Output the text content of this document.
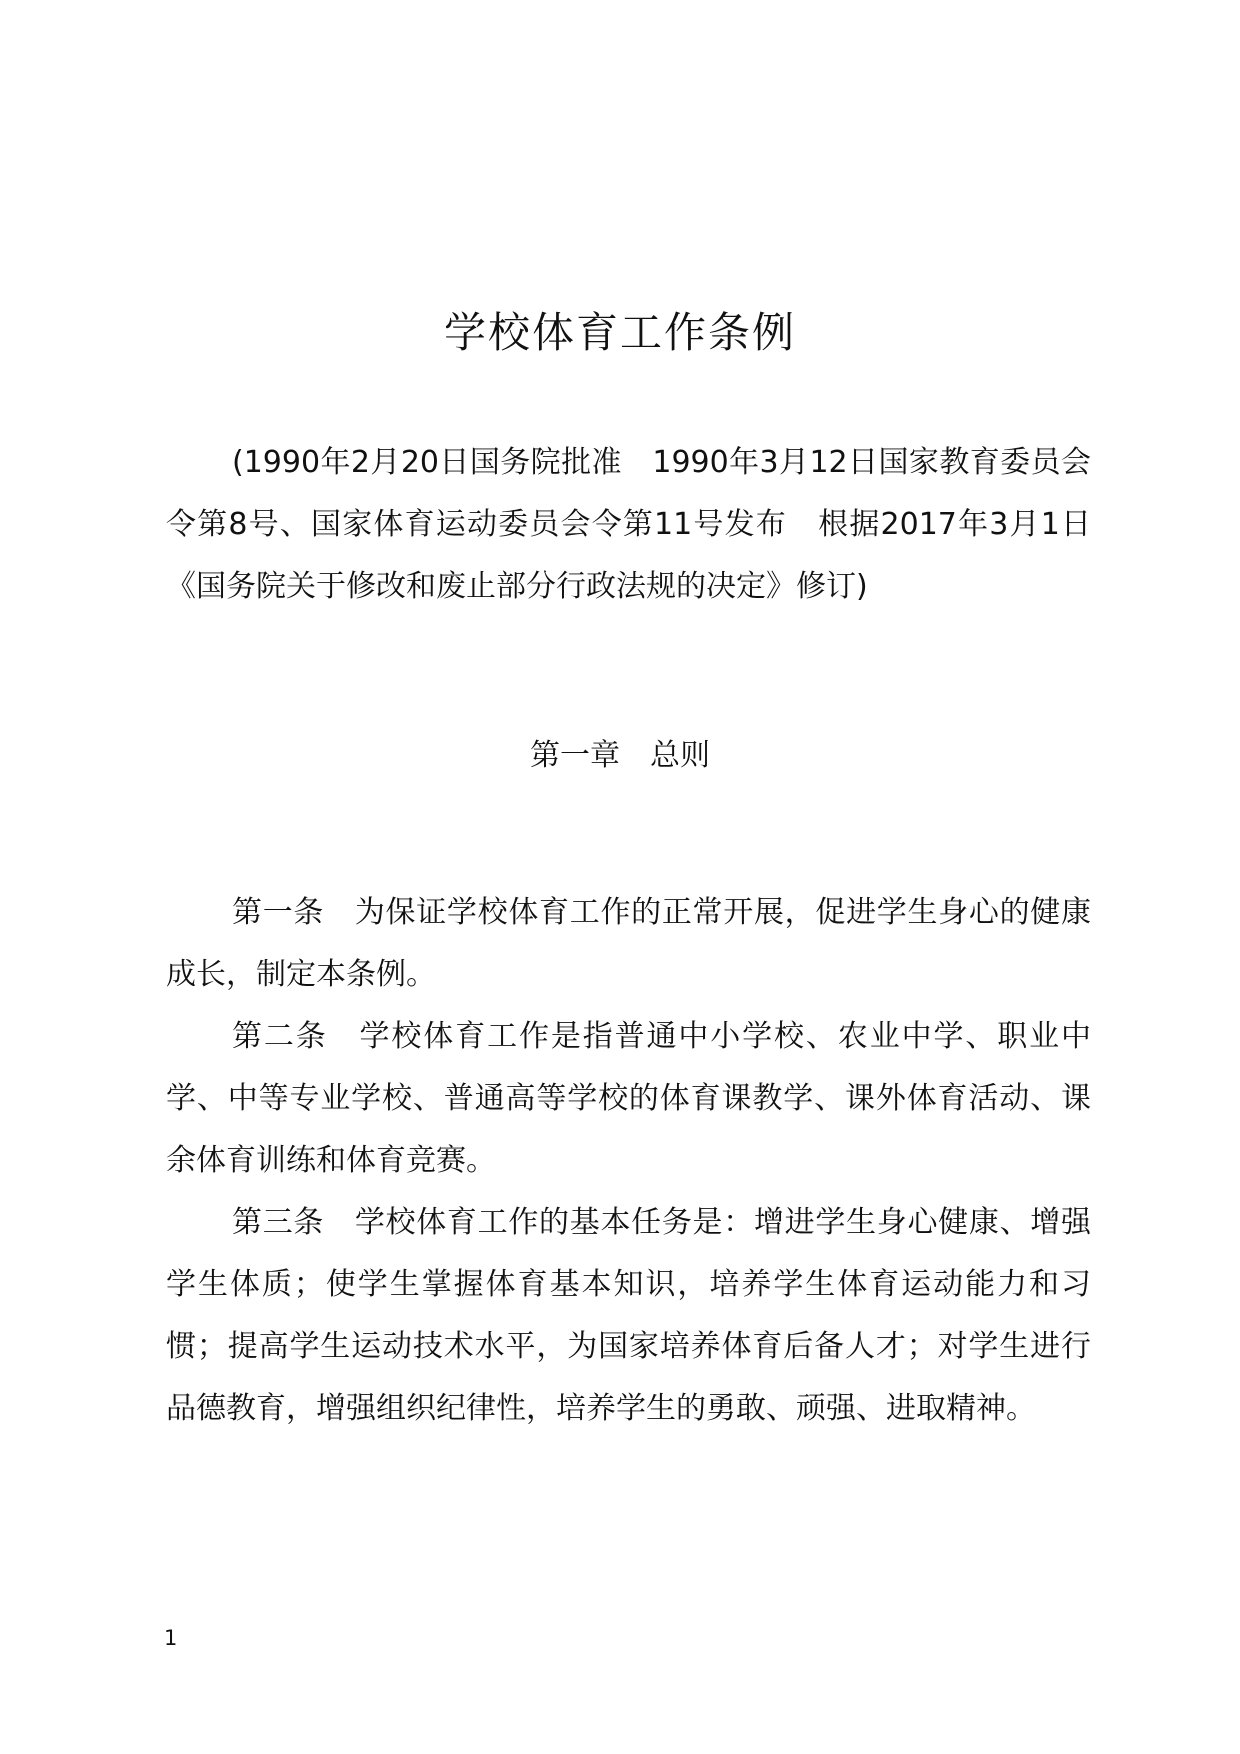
学校体育工作条例

(1990年2月20日国务院批准　1990年3月12日国家教育委员会令第8号、国家体育运动委员会令第11号发布　根据2017年3月1日《国务院关于修改和废止部分行政法规的决定》修订)

第一章　总则

第一条　为保证学校体育工作的正常开展，促进学生身心的健康成长，制定本条例。

第二条　学校体育工作是指普通中小学校、农业中学、职业中学、中等专业学校、普通高等学校的体育课教学、课外体育活动、课余体育训练和体育竞赛。

第三条　学校体育工作的基本任务是：增进学生身心健康、增强学生体质；使学生掌握体育基本知识，培养学生体育运动能力和习惯；提高学生运动技术水平，为国家培养体育后备人才；对学生进行品德教育，增强组织纪律性，培养学生的勇敢、顽强、进取精神。

1
